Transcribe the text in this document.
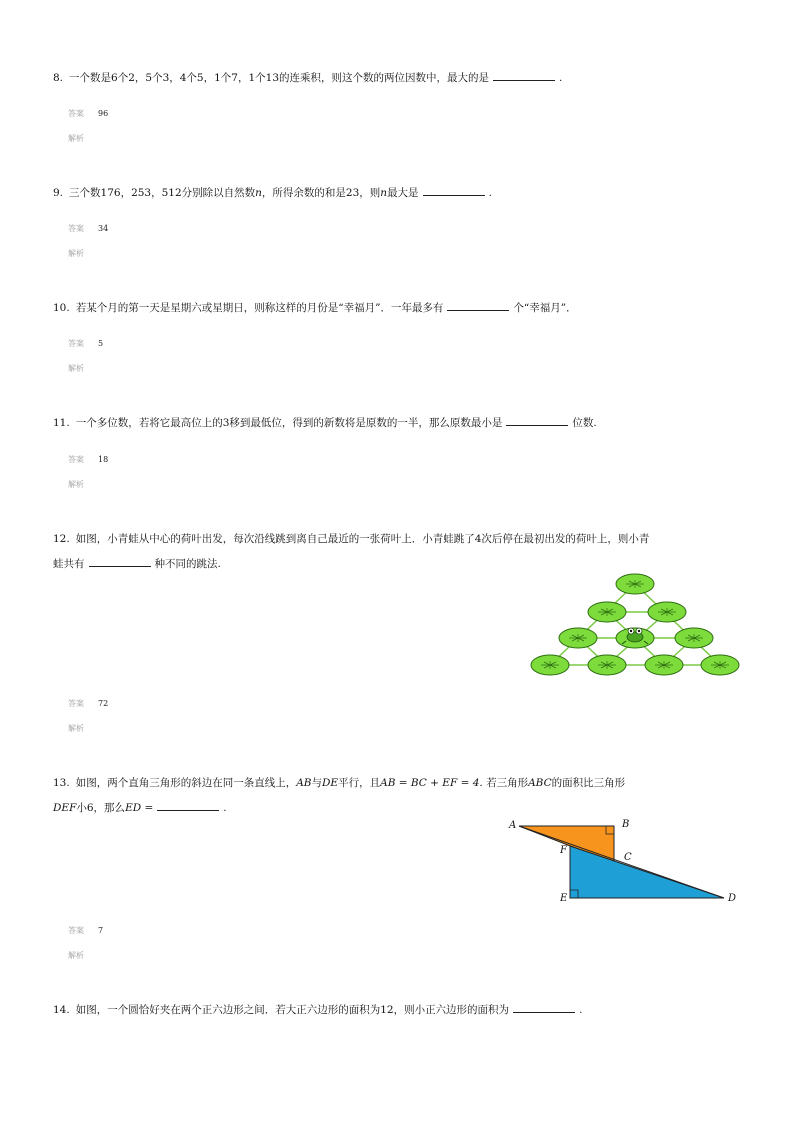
8. 一个数是6个2，5个3，4个5，1个7，1个13的连乘积，则这个数的两位因数中，最大的是	.
答案 96
解析
9. 三个数176，253，512分别除以自然数n，所得余数的和是23，则n最大是	.
答案 34
解析
10. 若某个月的第一天是星期六或星期日，则称这样的月份是“幸福月”．一年最多有	个“幸福月”．
答案 5
解析
11. 一个多位数，若将它最高位上的3移到最低位，得到的新数将是原数的一半，那么原数最小是	位数.
答案 18
解析
12. 如图，小青蛙从中心的荷叶出发，每次沿线跳到离自己最近的一张荷叶上．小青蛙跳了4次后停在最初出发的荷叶上，则小青
蛙共有	种不同的跳法.
答案 72
解析
13. 如图，两个直角三角形的斜边在同一条直线上，AB与DE平行，且AB = BC + EF = 4. 若三角形ABC的面积比三角形
DEF小6，那么ED =	.
A	B
C
F
E	D
答案 7
解析
14. 如图，一个圆恰好夹在两个正六边形之间．若大正六边形的面积为12，则小正六边形的面积为	.
